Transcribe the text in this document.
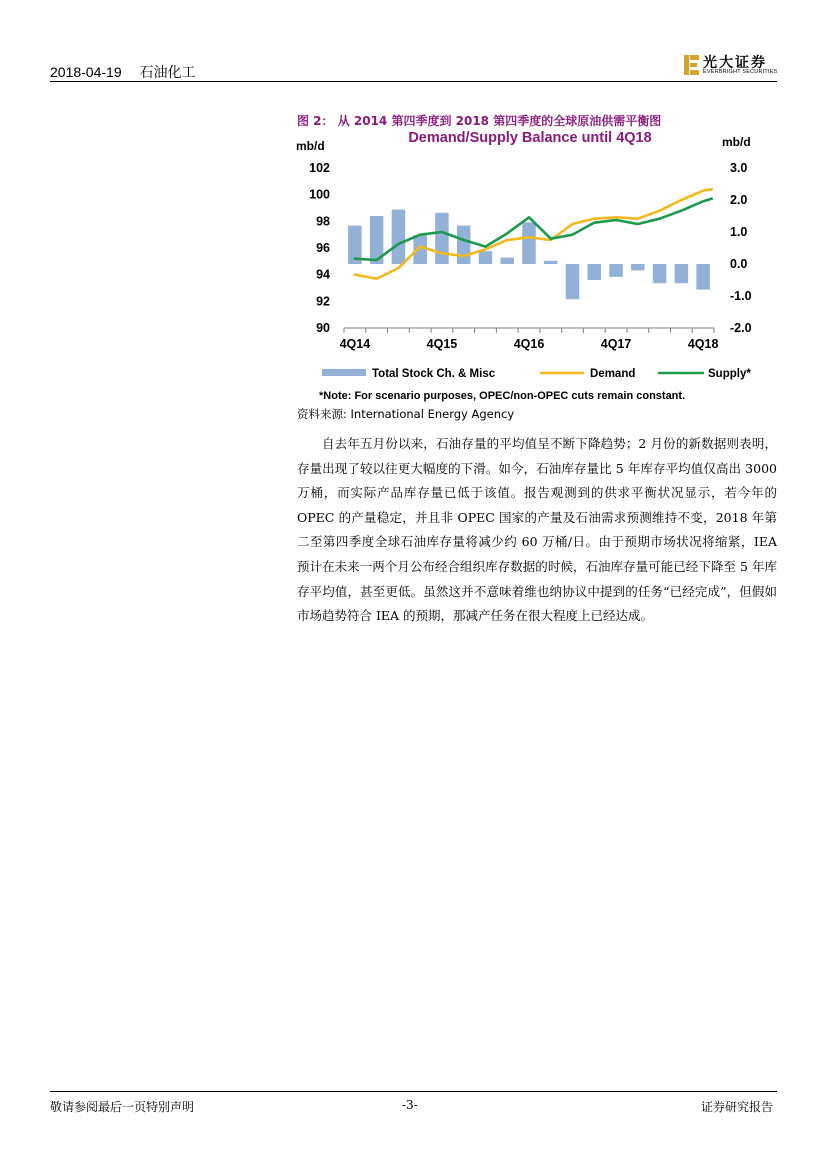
2018-04-19 石油化工
光大证券
EVERBRIGHT SECURITIES
图 2： 从 2014 第四季度到 2018 第四季度的全球原油供需平衡图
Demand/Supply Balance until 4Q18
mb/d	mb/d
102
100
98
96
94
92
90
3.0
2.0
1.0
0.0
-1.0
-2.0
4Q14	4Q15	4Q16	4Q17	4Q18
*Note: For scenario purposes, OPEC/non-OPEC cuts remain constant.
Total Stock Ch. & Misc	Demand	Supply*
资料来源: International Energy Agency

自去年五月份以来，石油存量的平均值呈不断下降趋势；2 月份的新数据则表明，存量出现了较以往更大幅度的下滑。如今，石油库存量比 5 年库存平均值仅高出 3000 万桶，而实际产品库存量已低于该值。报告观测到的供求平衡状况显示，若今年的 OPEC 的产量稳定，并且非 OPEC 国家的产量及石油需求预测维持不变，2018 年第二至第四季度全球石油库存量将减少约 60 万桶/日。由于预期市场状况将缩紧，IEA 预计在未来一两个月公布经合组织库存数据的时候，石油库存量可能已经下降至 5 年库存平均值，甚至更低。虽然这并不意味着维也纳协议中提到的任务“已经完成”，但假如市场趋势符合 IEA 的预期，那减产任务在很大程度上已经达成。

敬请参阅最后一页特别声明	-3-	证券研究报告
